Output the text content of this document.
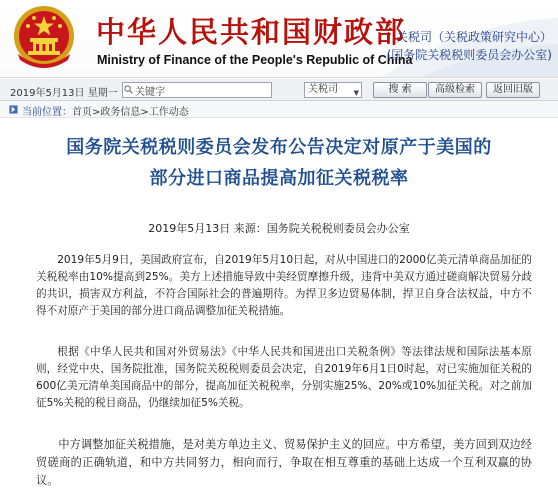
中华人民共和国财政部
Ministry of Finance of the People's Republic of China
关税司（关税政策研究中心）
(国务院关税税则委员会办公室)
2019年5月13日 星期一
关键字	关税司 ▼	搜 索	高级检索	返回旧版
当前位置：首页>政务信息>工作动态
国务院关税税则委员会发布公告决定对原产于美国的
部分进口商品提高加征关税税率
2019年5月13日 来源：国务院关税税则委员会办公室

2019年5月9日，美国政府宣布，自2019年5月10日起，对从中国进口的2000亿美元清单商品加征的关税税率由10%提高到25%。美方上述措施导致中美经贸摩擦升级，违背中美双方通过磋商解决贸易分歧的共识，损害双方利益，不符合国际社会的普遍期待。为捍卫多边贸易体制，捍卫自身合法权益，中方不得不对原产于美国的部分进口商品调整加征关税措施。

根据《中华人民共和国对外贸易法》《中华人民共和国进出口关税条例》等法律法规和国际法基本原则，经党中央、国务院批准，国务院关税税则委员会决定，自2019年6月1日0时起，对已实施加征关税的600亿美元清单美国商品中的部分，提高加征关税税率，分别实施25%、20%或10%加征关税。对之前加征5%关税的税目商品，仍继续加征5%关税。

中方调整加征关税措施，是对美方单边主义、贸易保护主义的回应。中方希望，美方回到双边经贸磋商的正确轨道，和中方共同努力，相向而行，争取在相互尊重的基础上达成一个互利双赢的协议。
